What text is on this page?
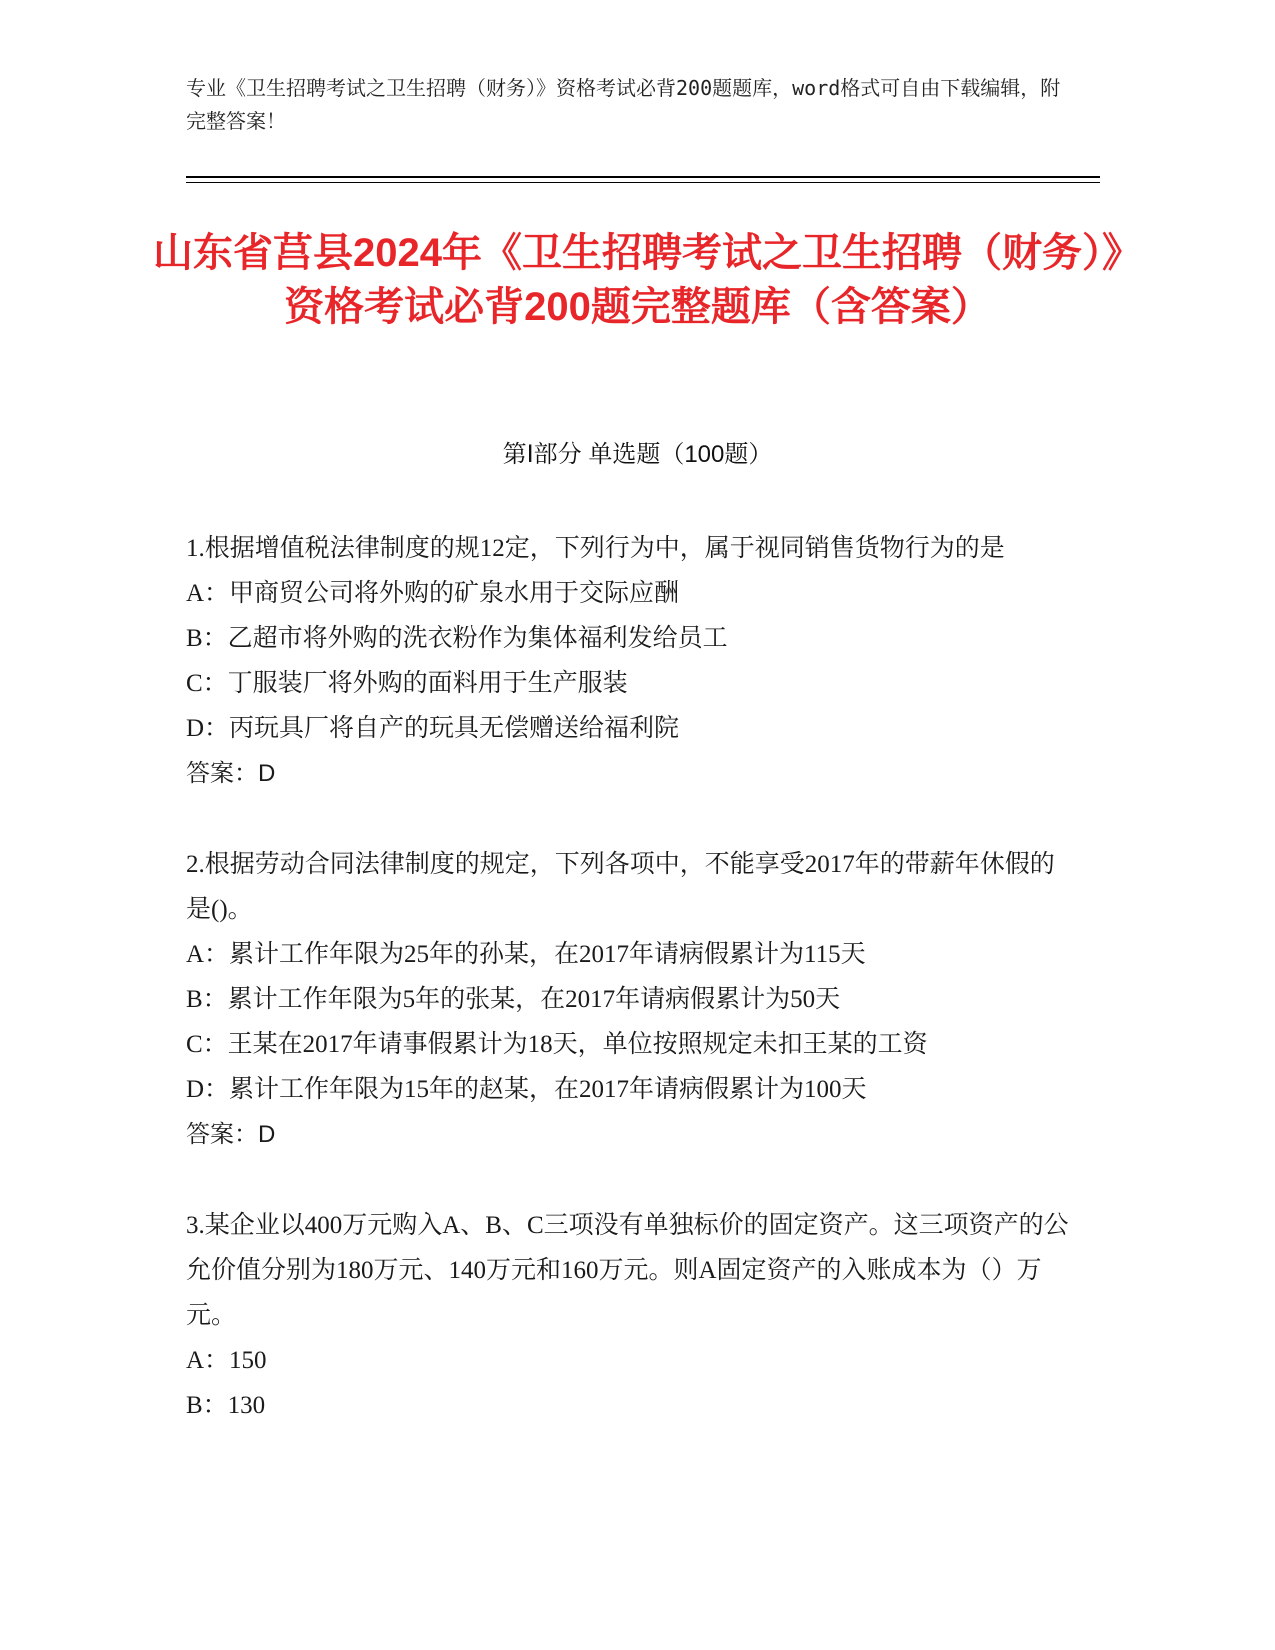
专业《卫生招聘考试之卫生招聘（财务）》资格考试必背200题题库，word格式可自由下载编辑，附完整答案！
山东省莒县2024年《卫生招聘考试之卫生招聘（财务）》资格考试必背200题完整题库（含答案）
第Ⅰ部分 单选题（100题）
1.根据增值税法律制度的规12定，下列行为中，属于视同销售货物行为的是
A：甲商贸公司将外购的矿泉水用于交际应酬
B：乙超市将外购的洗衣粉作为集体福利发给员工
C：丁服装厂将外购的面料用于生产服装
D：丙玩具厂将自产的玩具无偿赠送给福利院
答案：D
2.根据劳动合同法律制度的规定，下列各项中，不能享受2017年的带薪年休假的是()。
A：累计工作年限为25年的孙某，在2017年请病假累计为115天
B：累计工作年限为5年的张某，在2017年请病假累计为50天
C：王某在2017年请事假累计为18天，单位按照规定未扣王某的工资
D：累计工作年限为15年的赵某，在2017年请病假累计为100天
答案：D
3.某企业以400万元购入A、B、C三项没有单独标价的固定资产。这三项资产的公允价值分别为180万元、140万元和160万元。则A固定资产的入账成本为（）万元。
A：150
B：130
